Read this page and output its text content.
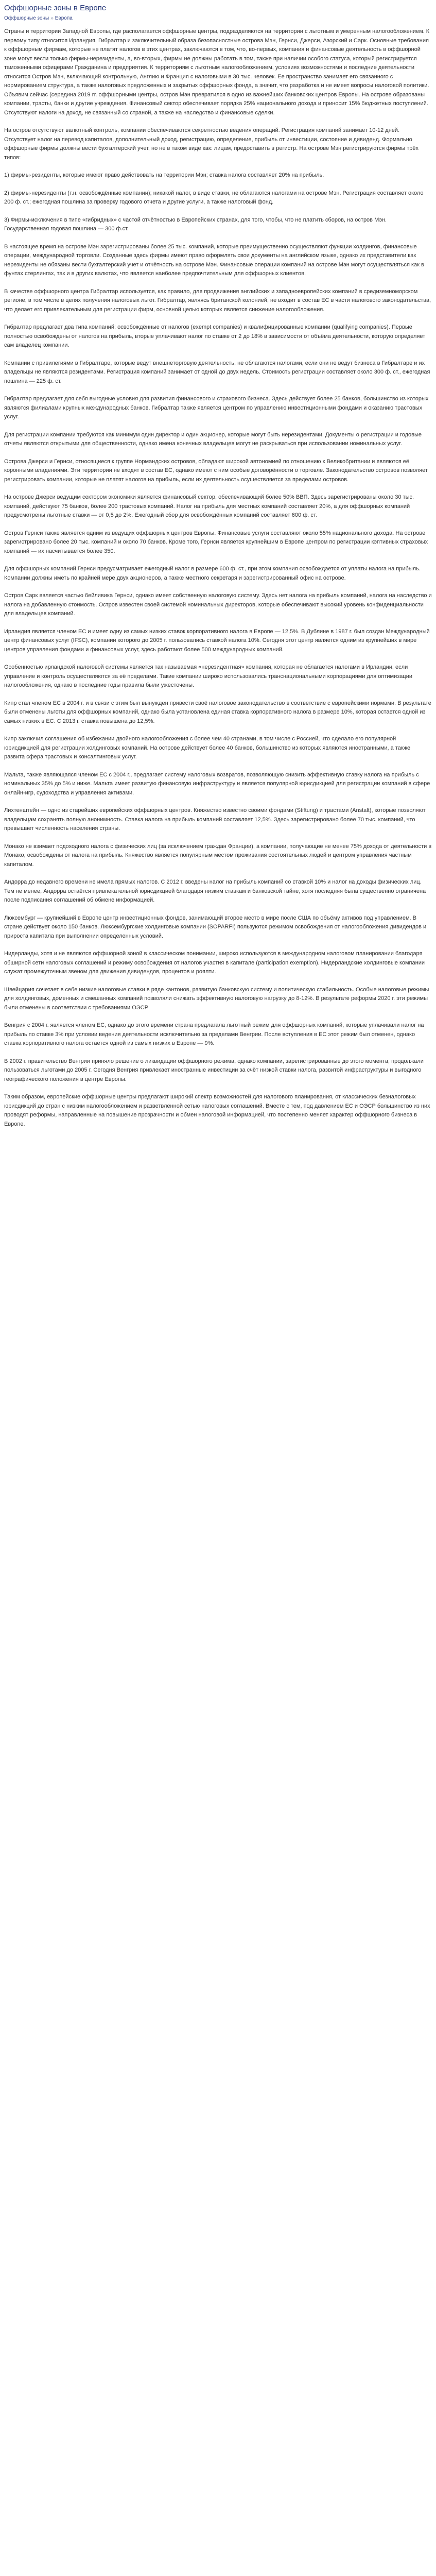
Оффшорные зоны в Европе
Оффшорные зоны » Европа

Страны и территории Западной Европы, где располагается оффшорные центры, подразделяются на территории с льготным и умеренным налогообложением. К первому типу относится Ирландия, Гибралтар и заключительный образа безопасностные острова Мэн, Гернси, Джерси, Азорский и Сарк. Основные требования к оффшорным фирмам, которые не платят налогов в этих центрах, заключаются в том, что, во-первых, компания и финансовые деятельность в оффшорной зоне могут вести только фирмы-нерезиденты, а, во-вторых, фирмы не должны работать в том, также при наличии особого статуса, который регистрируется таможенными офицерами Гражданина и предприятия. К территориям с льготным налогообложением, условиях возможностями и последние деятельности относится Остров Мэн, включающий контрольную, Англию и Франция с налоговыми в 30 тыс. человек. Ее пространство занимает его связанного с нормированием структура, а также налоговых предложенных и закрытых оффшорных фонда, а значит, что разработка и не имеет вопросы налоговой политики. Объявим сейчас (середина 2019 гг. оффшорными центры, остров Мэн превратился в одно из важнейших банковских центров Европы. На острове образованы компании, трасты, банки и другие учреждения. Финансовый сектор обеспечивает порядка 25% национального дохода и приносит 15% бюджетных поступлений. Отсутствуют налоги на доход, не связанный со страной, а также на наследство и финансовые сделки.

На остров отсутствуют валютный контроль, компании обеспечиваются секретностью ведения операций. Регистрация компаний занимает 10-12 дней. Отсутствует налог на перевод капиталов, дополнительный доход, регистрацию, определение, прибыль от инвестиции, состояние и дивиденд. Формально оффшорные фирмы должны вести бухгалтерский учет, но не в таком виде как: лицам, предоставить в регистр. На острове Мэн регистрируются фирмы трёх типов:

1) фирмы-резиденты, которые имеют право действовать на территории Мэн; ставка налога составляет 20% на прибыль.

2) фирмы-нерезиденты (т.н. освобождённые компании); никакой налог, в виде ставки, не облагаются налогами на острове Мэн. Регистрация составляет около 200 ф. ст.; ежегодная пошлина за проверку годового отчета и другие услуги, а также налоговый фонд.

3) Фирмы-исключения в типе «гибридных» с частой отчётностью в Европейских странах, для того, чтобы, что не платить сборов, на остров Мэн. Государственная годовая пошлина — 300 ф.ст.

В настоящее время на острове Мэн зарегистрированы более 25 тыс. компаний, которые преимущественно осуществляют функции холдингов, финансовые операции, международной торговли. Созданные здесь фирмы имеют право оформлять свои документы на английском языке, однако их представители как нерезиденты не обязаны вести бухгалтерский учет и отчётность на острове Мэн. Финансовые операции компаний на острове Мэн могут осуществляться как в фунтах стерлингах, так и в других валютах, что является наиболее предпочтительным для оффшорных клиентов.

В качестве оффшорного центра Гибралтар используется, как правило, для продвижения английских и западноевропейских компаний в средиземноморском регионе, в том числе в целях получения налоговых льгот. Гибралтар, являясь британской колонией, не входит в состав ЕС в части налогового законодательства, что делает его привлекательным для регистрации фирм, основной целью которых является снижение налогообложения.

Гибралтар предлагает два типа компаний: освобождённые от налогов (exempt companies) и квалифицированные компании (qualifying companies). Первые полностью освобождены от налогов на прибыль, вторые уплачивают налог по ставке от 2 до 18% в зависимости от объёма деятельности, которую определяет сам владелец компании.

Компании с привилегиями в Гибралтаре, которые ведут внешнеторговую деятельность, не облагаются налогами, если они не ведут бизнеса в Гибралтаре и их владельцы не являются резидентами. Регистрация компаний занимает от одной до двух недель. Стоимость регистрации составляет около 300 ф. ст., ежегодная пошлина — 225 ф. ст.

Гибралтар предлагает для себя выгодные условия для развития финансового и страхового бизнеса. Здесь действует более 25 банков, большинство из которых являются филиалами крупных международных банков. Гибралтар также является центром по управлению инвестиционными фондами и оказанию трастовых услуг.

Для регистрации компании требуются как минимум один директор и один акционер, которые могут быть нерезидентами. Документы о регистрации и годовые отчеты являются открытыми для общественности, однако имена конечных владельцев могут не раскрываться при использовании номинальных услуг.

Острова Джерси и Гернси, относящиеся к группе Нормандских островов, обладают широкой автономией по отношению к Великобритании и являются её коронными владениями. Эти территории не входят в состав ЕС, однако имеют с ним особые договорённости о торговле. Законодательство островов позволяет регистрировать компании, которые не платят налогов на прибыль, если их деятельность осуществляется за пределами островов.

На острове Джерси ведущим сектором экономики является финансовый сектор, обеспечивающий более 50% ВВП. Здесь зарегистрированы около 30 тыс. компаний, действуют 75 банков, более 200 трастовых компаний. Налог на прибыль для местных компаний составляет 20%, а для оффшорных компаний предусмотрены льготные ставки — от 0,5 до 2%. Ежегодный сбор для освобождённых компаний составляет 600 ф. ст.

Остров Гернси также является одним из ведущих оффшорных центров Европы. Финансовые услуги составляют около 55% национального дохода. На острове зарегистрировано более 20 тыс. компаний и около 70 банков. Кроме того, Гернси является крупнейшим в Европе центром по регистрации кэптивных страховых компаний — их насчитывается более 350.

Для оффшорных компаний Гернси предусматривает ежегодный налог в размере 600 ф. ст., при этом компания освобождается от уплаты налога на прибыль. Компании должны иметь по крайней мере двух акционеров, а также местного секретаря и зарегистрированный офис на острове.

Остров Сарк является частью бейливика Гернси, однако имеет собственную налоговую систему. Здесь нет налога на прибыль компаний, налога на наследство и налога на добавленную стоимость. Остров известен своей системой номинальных директоров, которые обеспечивают высокий уровень конфиденциальности для владельцев компаний.

Ирландия является членом ЕС и имеет одну из самых низких ставок корпоративного налога в Европе — 12,5%. В Дублине в 1987 г. был создан Международный центр финансовых услуг (IFSC), компании которого до 2005 г. пользовались ставкой налога 10%. Сегодня этот центр является одним из крупнейших в мире центров управления фондами и финансовых услуг, здесь работают более 500 международных компаний.

Особенностью ирландской налоговой системы является так называемая «нерезидентная» компания, которая не облагается налогами в Ирландии, если управление и контроль осуществляются за её пределами. Такие компании широко использовались транснациональными корпорациями для оптимизации налогообложения, однако в последние годы правила были ужесточены.

Кипр стал членом ЕС в 2004 г. и в связи с этим был вынужден привести своё налоговое законодательство в соответствие с европейскими нормами. В результате были отменены льготы для оффшорных компаний, однако была установлена единая ставка корпоративного налога в размере 10%, которая остается одной из самых низких в ЕС. С 2013 г. ставка повышена до 12,5%.

Кипр заключил соглашения об избежании двойного налогообложения с более чем 40 странами, в том числе с Россией, что сделало его популярной юрисдикцией для регистрации холдинговых компаний. На острове действует более 40 банков, большинство из которых являются иностранными, а также развита сфера трастовых и консалтинговых услуг.

Мальта, также являющаяся членом ЕС с 2004 г., предлагает систему налоговых возвратов, позволяющую снизить эффективную ставку налога на прибыль с номинальных 35% до 5% и ниже. Мальта имеет развитую финансовую инфраструктуру и является популярной юрисдикцией для регистрации компаний в сфере онлайн-игр, судоходства и управления активами.

Лихтенштейн — одно из старейших европейских оффшорных центров. Княжество известно своими фондами (Stiftung) и трастами (Anstalt), которые позволяют владельцам сохранять полную анонимность. Ставка налога на прибыль компаний составляет 12,5%. Здесь зарегистрировано более 70 тыс. компаний, что превышает численность населения страны.

Монако не взимает подоходного налога с физических лиц (за исключением граждан Франции), а компании, получающие не менее 75% дохода от деятельности в Монако, освобождены от налога на прибыль. Княжество является популярным местом проживания состоятельных людей и центром управления частным капиталом.

Андорра до недавнего времени не имела прямых налогов. С 2012 г. введены налог на прибыль компаний со ставкой 10% и налог на доходы физических лиц. Тем не менее, Андорра остаётся привлекательной юрисдикцией благодаря низким ставкам и банковской тайне, хотя последняя была существенно ограничена после подписания соглашений об обмене информацией.

Люксембург — крупнейший в Европе центр инвестиционных фондов, занимающий второе место в мире после США по объёму активов под управлением. В стране действует около 150 банков. Люксембургские холдинговые компании (SOPARFI) пользуются режимом освобождения от налогообложения дивидендов и прироста капитала при выполнении определенных условий.

Нидерланды, хотя и не являются оффшорной зоной в классическом понимании, широко используются в международном налоговом планировании благодаря обширной сети налоговых соглашений и режиму освобождения от налогов участия в капитале (participation exemption). Нидерландские холдинговые компании служат промежуточным звеном для движения дивидендов, процентов и роялти.

Швейцария сочетает в себе низкие налоговые ставки в ряде кантонов, развитую банковскую систему и политическую стабильность. Особые налоговые режимы для холдинговых, доменных и смешанных компаний позволяли снижать эффективную налоговую нагрузку до 8-12%. В результате реформы 2020 г. эти режимы были отменены в соответствии с требованиями ОЭСР.

Венгрия с 2004 г. является членом ЕС, однако до этого времени страна предлагала льготный режим для оффшорных компаний, которые уплачивали налог на прибыль по ставке 3% при условии ведения деятельности исключительно за пределами Венгрии. После вступления в ЕС этот режим был отменен, однако ставка корпоративного налога остается одной из самых низких в Европе — 9%.

В 2002 г. правительство Венгрии приняло решение о ликвидации оффшорного режима, однако компании, зарегистрированные до этого момента, продолжали пользоваться льготами до 2005 г. Сегодня Венгрия привлекает иностранные инвестиции за счёт низкой ставки налога, развитой инфраструктуры и выгодного географического положения в центре Европы.

Таким образом, европейские оффшорные центры предлагают широкий спектр возможностей для налогового планирования, от классических безналоговых юрисдикций до стран с низким налогообложением и разветвлённой сетью налоговых соглашений. Вместе с тем, под давлением ЕС и ОЭСР большинство из них проводят реформы, направленные на повышение прозрачности и обмен налоговой информацией, что постепенно меняет характер оффшорного бизнеса в Европе.
